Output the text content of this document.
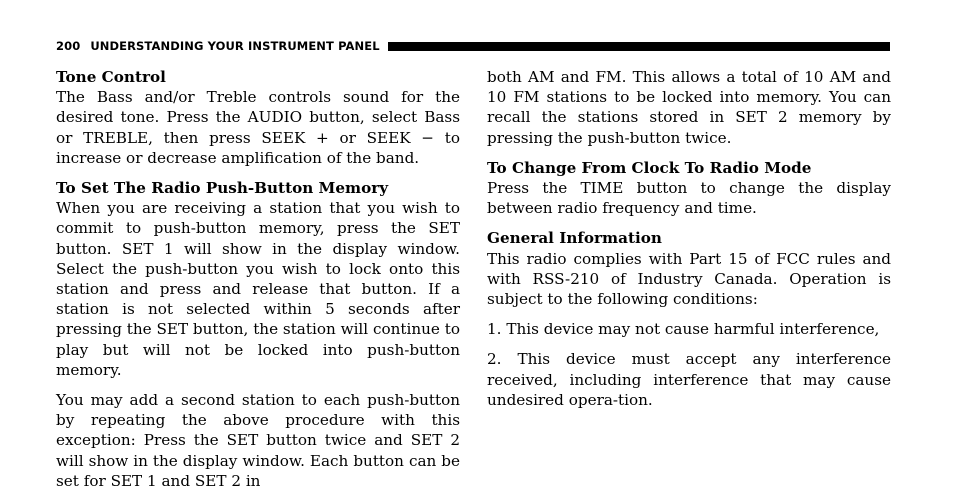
200 UNDERSTANDING YOUR INSTRUMENT PANEL

Tone Control

The Bass and/or Treble controls sound for the desired tone. Press the AUDIO button, select Bass or TREBLE, then press SEEK + or SEEK − to increase or decrease amplification of the band.

To Set The Radio Push-Button Memory

When you are receiving a station that you wish to commit to push-button memory, press the SET button. SET 1 will show in the display window. Select the push-button you wish to lock onto this station and press and release that button. If a station is not selected within 5 seconds after pressing the SET button, the station will continue to play but will not be locked into push-button memory.

You may add a second station to each push-button by repeating the above procedure with this exception: Press the SET button twice and SET 2 will show in the display window. Each button can be set for SET 1 and SET 2 in

both AM and FM. This allows a total of 10 AM and 10 FM stations to be locked into memory. You can recall the stations stored in SET 2 memory by pressing the push-button twice.

To Change From Clock To Radio Mode

Press the TIME button to change the display between radio frequency and time.

General Information

This radio complies with Part 15 of FCC rules and with RSS-210 of Industry Canada. Operation is subject to the following conditions:

1. This device may not cause harmful interference,

2. This device must accept any interference received, including interference that may cause undesired opera-tion.
